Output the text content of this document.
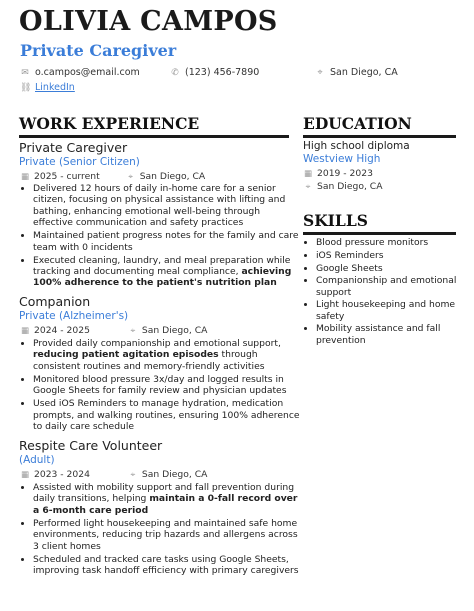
OLIVIA CAMPOS
Private Caregiver
✉ o.campos@email.com	✆ (123) 456-7890	⌖ San Diego, CA
⛓ LinkedIn
WORK EXPERIENCE
Private Caregiver
Private (Senior Citizen)
▦ 2025 - current	⌖ San Diego, CA
• Delivered 12 hours of daily in-home care for a senior citizen, focusing on physical assistance with lifting and bathing, enhancing emotional well-being through effective communication and safety practices
• Maintained patient progress notes for the family and care team with 0 incidents
• Executed cleaning, laundry, and meal preparation while tracking and documenting meal compliance, achieving 100% adherence to the patient's nutrition plan
Companion
Private (Alzheimer's)
▦ 2024 - 2025	⌖ San Diego, CA
• Provided daily companionship and emotional support, reducing patient agitation episodes through consistent routines and memory-friendly activities
• Monitored blood pressure 3x/day and logged results in Google Sheets for family review and physician updates
• Used iOS Reminders to manage hydration, medication prompts, and walking routines, ensuring 100% adherence to daily care schedule
Respite Care Volunteer
(Adult)
▦ 2023 - 2024	⌖ San Diego, CA
• Assisted with mobility support and fall prevention during daily transitions, helping maintain a 0-fall record over a 6-month care period
• Performed light housekeeping and maintained safe home environments, reducing trip hazards and allergens across 3 client homes
• Scheduled and tracked care tasks using Google Sheets, improving task handoff efficiency with primary caregivers
EDUCATION
High school diploma
Westview High
▦ 2019 - 2023
⌖ San Diego, CA
SKILLS
• Blood pressure monitors
• iOS Reminders
• Google Sheets
• Companionship and emotional support
• Light housekeeping and home safety
• Mobility assistance and fall prevention
